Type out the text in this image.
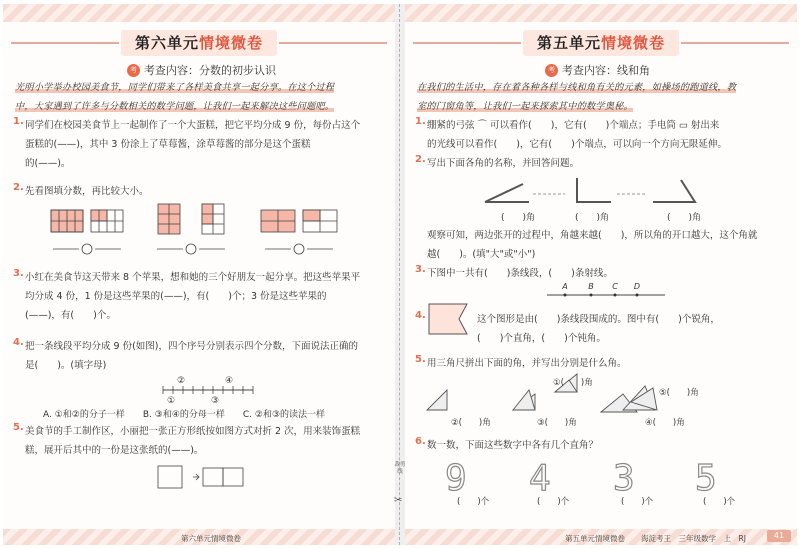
第六单元情境微卷
考 考查内容：分数的初步认识
光明小学举办校园美食节，同学们带来了各样美食共享一起分享。在这个过程
中，大家遇到了许多与分数相关的数学问题，让我们一起来解决这些问题吧。
1. 同学们在校园美食节上一起制作了一个大蛋糕，把它平均分成 9 份，每份占这个
蛋糕的(——)，其中 3 份涂上了草莓酱，涂草莓酱的部分是这个蛋糕
的(——)。
2. 先看图填分数，再比较大小。
3. 小红在美食节这天带来 8 个苹果，想和她的三个好朋友一起分享。把这些苹果平
均分成 4 份，1 份是这些苹果的(——)，有(　　)个；3 份是这些苹果的
(——)，有(　　)个。
4. 把一条线段平均分成 9 份(如图)，四个序号分别表示四个分数，下面说法正确的
是(　　)。(填字母)
②	④
①	③
A. ①和②的分子一样　　B. ③和④的分母一样　　C. ②和③的读法一样
5. 美食节的手工制作区，小丽把一张正方形纸按如图方式对折 2 次，用来装饰蛋糕
糕，展开后其中的一份是这张纸的(——)。
第六单元情境微卷
裁剪线
✂
第五单元情境微卷
考 考查内容：线和角
在我们的生活中，存在着各种各样与线和角有关的元素，如操场的跑道线，教
室的门窗角等，让我们一起来探索其中的数学奥秘。
1. 绷紧的弓弦 ⌒ 可以看作(　　)，它有(　　)个端点；手电筒 ▭ 射出来
的光线可以看作(　　)，它有(　　)个端点，可以向一个方向无限延伸。
2. 写出下面各角的名称，并回答问题。
(　　)角	(　　)角	(　　)角
观察可知，两边张开的过程中，角越来越(　　)，所以角的开口越大，这个角就
越(　　)。(填"大"或"小")
3. 下图中一共有(　　)条线段，(　　)条射线。
A	B C D
4.	这个图形是由(　　)条线段围成的。图中有(　　)个锐角，
(　　)个直角，(　　)个钝角。
5. 用三角尺拼出下面的角，并写出分别是什么角。
①(　　)角
⑤(　　)角
②(　　)角	③(　　)角	④(　　)角
6. 数一数，下面这些数字中各有几个直角？
9 4 3 5
(　　)个	(　　)个	(　　)个	(　　)个
第五单元情境微卷 海淀考王　三年级数学　上　RJ	41
